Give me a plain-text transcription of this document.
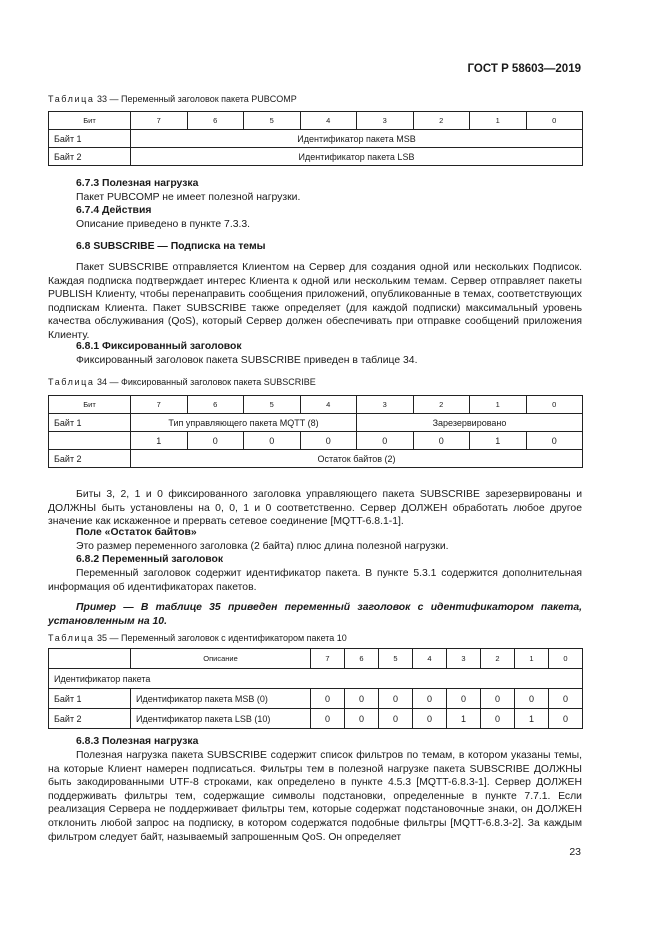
ГОСТ Р 58603—2019
Таблица 33 — Переменный заголовок пакета PUBCOMP
Бит	7	6	5	4	3	2	1	0
Байт 1	Идентификатор пакета MSB							
Байт 2	Идентификатор пакета LSB							

6.7.3 Полезная нагрузка

Пакет PUBCOMP не имеет полезной нагрузки.

6.7.4 Действия

Описание приведено в пункте 7.3.3.

6.8 SUBSCRIBE — Подписка на темы

Пакет SUBSCRIBE отправляется Клиентом на Сервер для создания одной или нескольких Подписок. Каждая подписка подтверждает интерес Клиента к одной или нескольким темам. Сервер отправляет пакеты PUBLISH Клиенту, чтобы перенаправить сообщения приложений, опубликованные в темах, соответствующих подпискам Клиента. Пакет SUBSCRIBE также определяет (для каждой подписки) максимальный уровень качества обслуживания (QoS), который Сервер должен обеспечивать при отправке сообщений приложения Клиенту.

6.8.1 Фиксированный заголовок

Фиксированный заголовок пакета SUBSCRIBE приведен в таблице 34.

Таблица 34 — Фиксированный заголовок пакета SUBSCRIBE
Бит	7	6	5	4	3	2	1	0
Байт 1	Тип управляющего пакета MQTT (8)				Зарезервировано			
	1	0	0	0	0	0	1	0
Байт 2	Остаток байтов (2)							

Биты 3, 2, 1 и 0 фиксированного заголовка управляющего пакета SUBSCRIBE зарезервированы и ДОЛЖНЫ быть установлены на 0, 0, 1 и 0 соответственно. Сервер ДОЛЖЕН обработать любое другое значение как искаженное и прервать сетевое соединение [MQTT-6.8.1-1].

Поле «Остаток байтов»

Это размер переменного заголовка (2 байта) плюс длина полезной нагрузки.

6.8.2 Переменный заголовок

Переменный заголовок содержит идентификатор пакета. В пункте 5.3.1 содержится дополнительная информация об идентификаторах пакетов.

Пример — В таблице 35 приведен переменный заголовок с идентификатором пакета, установленным на 10.

Таблица 35 — Переменный заголовок с идентификатором пакета 10
	Описание	7	6	5	4	3	2	1	0
Идентификатор пакета									
Байт 1	Идентификатор пакета MSB (0)	0	0	0	0	0	0	0	0
Байт 2	Идентификатор пакета LSB (10)	0	0	0	0	1	0	1	0
6.8.3 Полезная нагрузка

Полезная нагрузка пакета SUBSCRIBE содержит список фильтров по темам, в котором указаны темы, на которые Клиент намерен подписаться. Фильтры тем в полезной нагрузке пакета SUBSCRIBE ДОЛЖНЫ быть закодированными UTF-8 строками, как определено в пункте 4.5.3 [MQTT-6.8.3-1]. Сервер ДОЛЖЕН поддерживать фильтры тем, содержащие символы подстановки, определенные в пункте 7.7.1. Если реализация Сервера не поддерживает фильтры тем, которые содержат подстановочные знаки, он ДОЛЖЕН отклонить любой запрос на подписку, в котором содержатся подобные фильтры [MQTT-6.8.3-2]. За каждым фильтром следует байт, называемый запрошенным QoS. Он определяет

23
